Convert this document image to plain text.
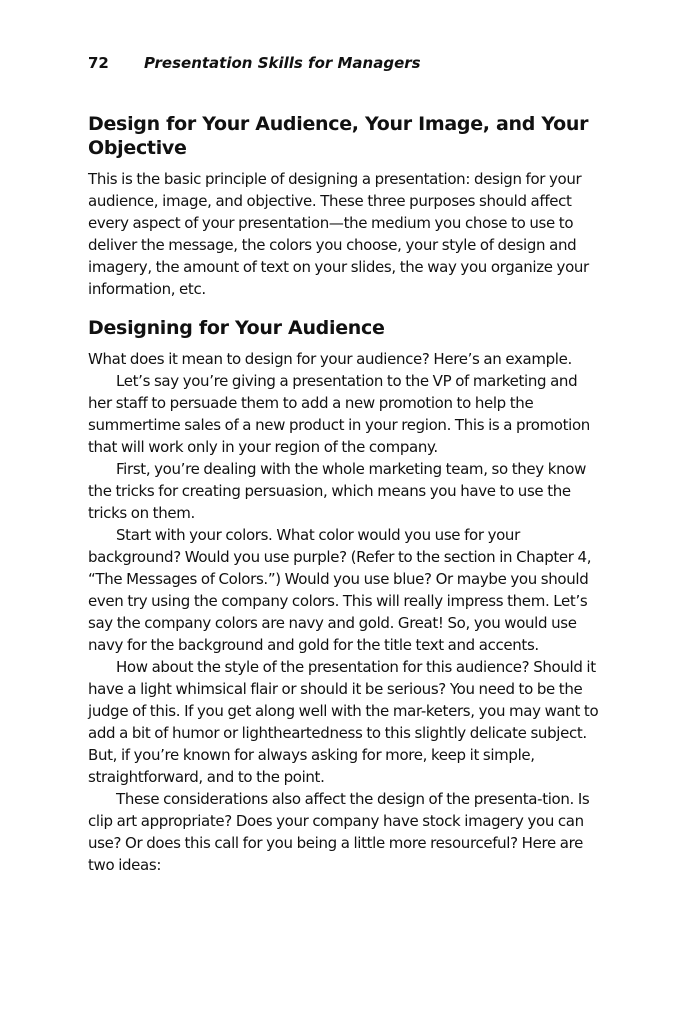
72 Presentation Skills for Managers
Design for Your Audience, Your Image, and Your Objective

This is the basic principle of designing a presentation: design for your audience, image, and objective. These three purposes should affect every aspect of your presentation—the medium you chose to use to deliver the message, the colors you choose, your style of design and imagery, the amount of text on your slides, the way you organize your information, etc.

Designing for Your Audience

What does it mean to design for your audience? Here’s an example.

Let’s say you’re giving a presentation to the VP of marketing and her staff to persuade them to add a new promotion to help the summertime sales of a new product in your region. This is a promotion that will work only in your region of the company.

First, you’re dealing with the whole marketing team, so they know the tricks for creating persuasion, which means you have to use the tricks on them.

Start with your colors. What color would you use for your background? Would you use purple? (Refer to the section in Chapter 4, “The Messages of Colors.”) Would you use blue? Or maybe you should even try using the company colors. This will really impress them. Let’s say the company colors are navy and gold. Great! So, you would use navy for the background and gold for the title text and accents.

How about the style of the presentation for this audience? Should it have a light whimsical flair or should it be serious? You need to be the judge of this. If you get along well with the mar-keters, you may want to add a bit of humor or lightheartedness to this slightly delicate subject. But, if you’re known for always asking for more, keep it simple, straightforward, and to the point.

These considerations also affect the design of the presenta-tion. Is clip art appropriate? Does your company have stock imagery you can use? Or does this call for you being a little more resourceful? Here are two ideas:
